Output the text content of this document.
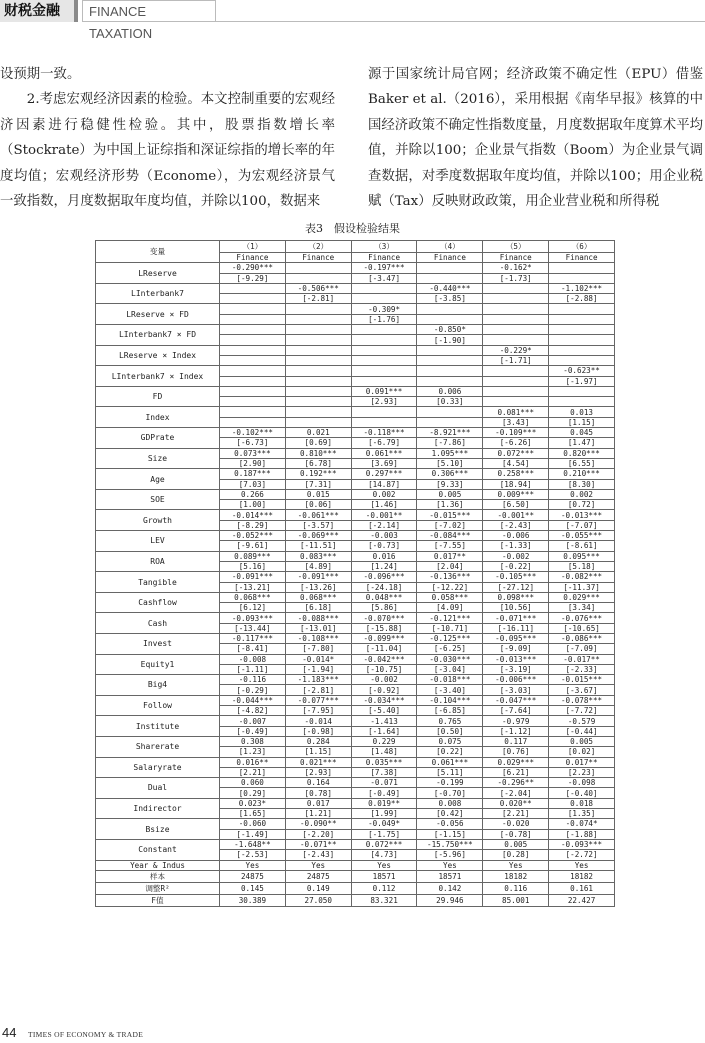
财税金融	FINANCE TAXATION

设预期一致。

2.考虑宏观经济因素的检验。本文控制重要的宏观经济因素进行稳健性检验。其中，股票指数增长率（Stockrate）为中国上证综指和深证综指的增长率的年度均值；宏观经济形势（Econome），为宏观经济景气一致指数，月度数据取年度均值，并除以100，数据来

源于国家统计局官网；经济政策不确定性（EPU）借鉴 Baker et al.（2016），采用根据《南华早报》核算的中国经济政策不确定性指数度量，月度数据取年度算术平均值，并除以100；企业景气指数（Boom）为企业景气调查数据，对季度数据取年度均值，并除以100；用企业税赋（Tax）反映财政政策，用企业营业税和所得税

表3　假设检验结果
变量	（1）	（2）	（3）	（4）	（5）	（6）
	Finance	Finance	Finance	Finance	Finance	Finance
LReserve	-0.290***		-0.197***		-0.162*	
	[-9.29]		[-3.47]		[-1.73]	
LInterbank7		-0.506***		-0.440***		-1.102***
		[-2.81]		[-3.85]		[-2.88]
LReserve × FD			-0.309*			
			[-1.76]			
LInterbank7 × FD				-0.850*		
				[-1.90]		
LReserve × Index					-0.229*	
					[-1.71]	
LInterbank7 × Index						-0.623**
						[-1.97]
FD			0.091***	0.006		
			[2.93]	[0.33]		
Index					0.081***	0.013
					[3.43]	[1.15]
GDPrate	-0.102***	0.021	-0.118***	-8.921***	-0.109***	0.045
	[-6.73]	[0.69]	[-6.79]	[-7.86]	[-6.26]	[1.47]
Size	0.073***	0.810***	0.061***	1.095***	0.072***	0.820***
	[2.90]	[6.78]	[3.69]	[5.10]	[4.54]	[6.55]
Age	0.187***	0.192***	0.297***	0.306***	0.258***	0.210***
	[7.03]	[7.31]	[14.87]	[9.33]	[18.94]	[8.30]
SOE	0.266	0.015	0.002	0.005	0.009***	0.002
	[1.00]	[0.06]	[1.46]	[1.36]	[6.50]	[0.72]
Growth	-0.014***	-0.061***	-0.001**	-0.015***	-0.001**	-0.013***
	[-8.29]	[-3.57]	[-2.14]	[-7.02]	[-2.43]	[-7.07]
LEV	-0.052***	-0.069***	-0.003	-0.084***	-0.006	-0.055***
	[-9.61]	[-11.51]	[-0.73]	[-7.55]	[-1.33]	[-8.61]
ROA	0.089***	0.083***	0.016	0.017**	-0.002	0.095***
	[5.16]	[4.89]	[1.24]	[2.04]	[-0.22]	[5.18]
Tangible	-0.091***	-0.091***	-0.096***	-0.136***	-0.105***	-0.082***
	[-13.21]	[-13.26]	[-24.18]	[-12.22]	[-27.12]	[-11.37]
Cashflow	0.068***	0.068***	0.048***	0.058***	0.098***	0.029***
	[6.12]	[6.18]	[5.86]	[4.09]	[10.56]	[3.34]
Cash	-0.093***	-0.088***	-0.070***	-0.121***	-0.071***	-0.076***
	[-13.44]	[-13.01]	[-15.88]	[-10.71]	[-16.11]	[-10.65]
Invest	-0.117***	-0.108***	-0.099***	-0.125***	-0.095***	-0.086***
	[-8.41]	[-7.80]	[-11.04]	[-6.25]	[-9.09]	[-7.09]
Equity1	-0.008	-0.014*	-0.042***	-0.030***	-0.013***	-0.017**
	[-1.11]	[-1.94]	[-10.75]	[-3.04]	[-3.19]	[-2.33]
Big4	-0.116	-1.183***	-0.002	-0.018***	-0.006***	-0.015***
	[-0.29]	[-2.81]	[-0.92]	[-3.40]	[-3.03]	[-3.67]
Follow	-0.044***	-0.077***	-0.034***	-0.104***	-0.047***	-0.078***
	[-4.82]	[-7.95]	[-5.40]	[-6.85]	[-7.64]	[-7.72]
Institute	-0.007	-0.014	-1.413	0.765	-0.979	-0.579
	[-0.49]	[-0.98]	[-1.64]	[0.50]	[-1.12]	[-0.44]
Sharerate	0.308	0.284	0.229	0.075	0.117	0.005
	[1.23]	[1.15]	[1.48]	[0.22]	[0.76]	[0.02]
Salaryrate	0.016**	0.021***	0.035***	0.061***	0.029***	0.017**
	[2.21]	[2.93]	[7.38]	[5.11]	[6.21]	[2.23]
Dual	0.060	0.164	-0.071	-0.199	-0.296**	-0.098
	[0.29]	[0.78]	[-0.49]	[-0.70]	[-2.04]	[-0.40]
Indirector	0.023*	0.017	0.019**	0.008	0.020**	0.018
	[1.65]	[1.21]	[1.99]	[0.42]	[2.21]	[1.35]
Bsize	-0.060	-0.090**	-0.049*	-0.056	-0.020	-0.074*
	[-1.49]	[-2.20]	[-1.75]	[-1.15]	[-0.78]	[-1.88]
Constant	-1.648**	-0.071**	0.072***	-15.750***	0.005	-0.093***
	[-2.53]	[-2.43]	[4.73]	[-5.96]	[0.28]	[-2.72]
Year & Indus	Yes	Yes	Yes	Yes	Yes	Yes
样本	24875	24875	18571	18571	18182	18182
调整R²	0.145	0.149	0.112	0.142	0.116	0.161
F值	30.389	27.050	83.321	29.946	85.001	22.427
44 TIMES OF ECONOMY & TRADE
